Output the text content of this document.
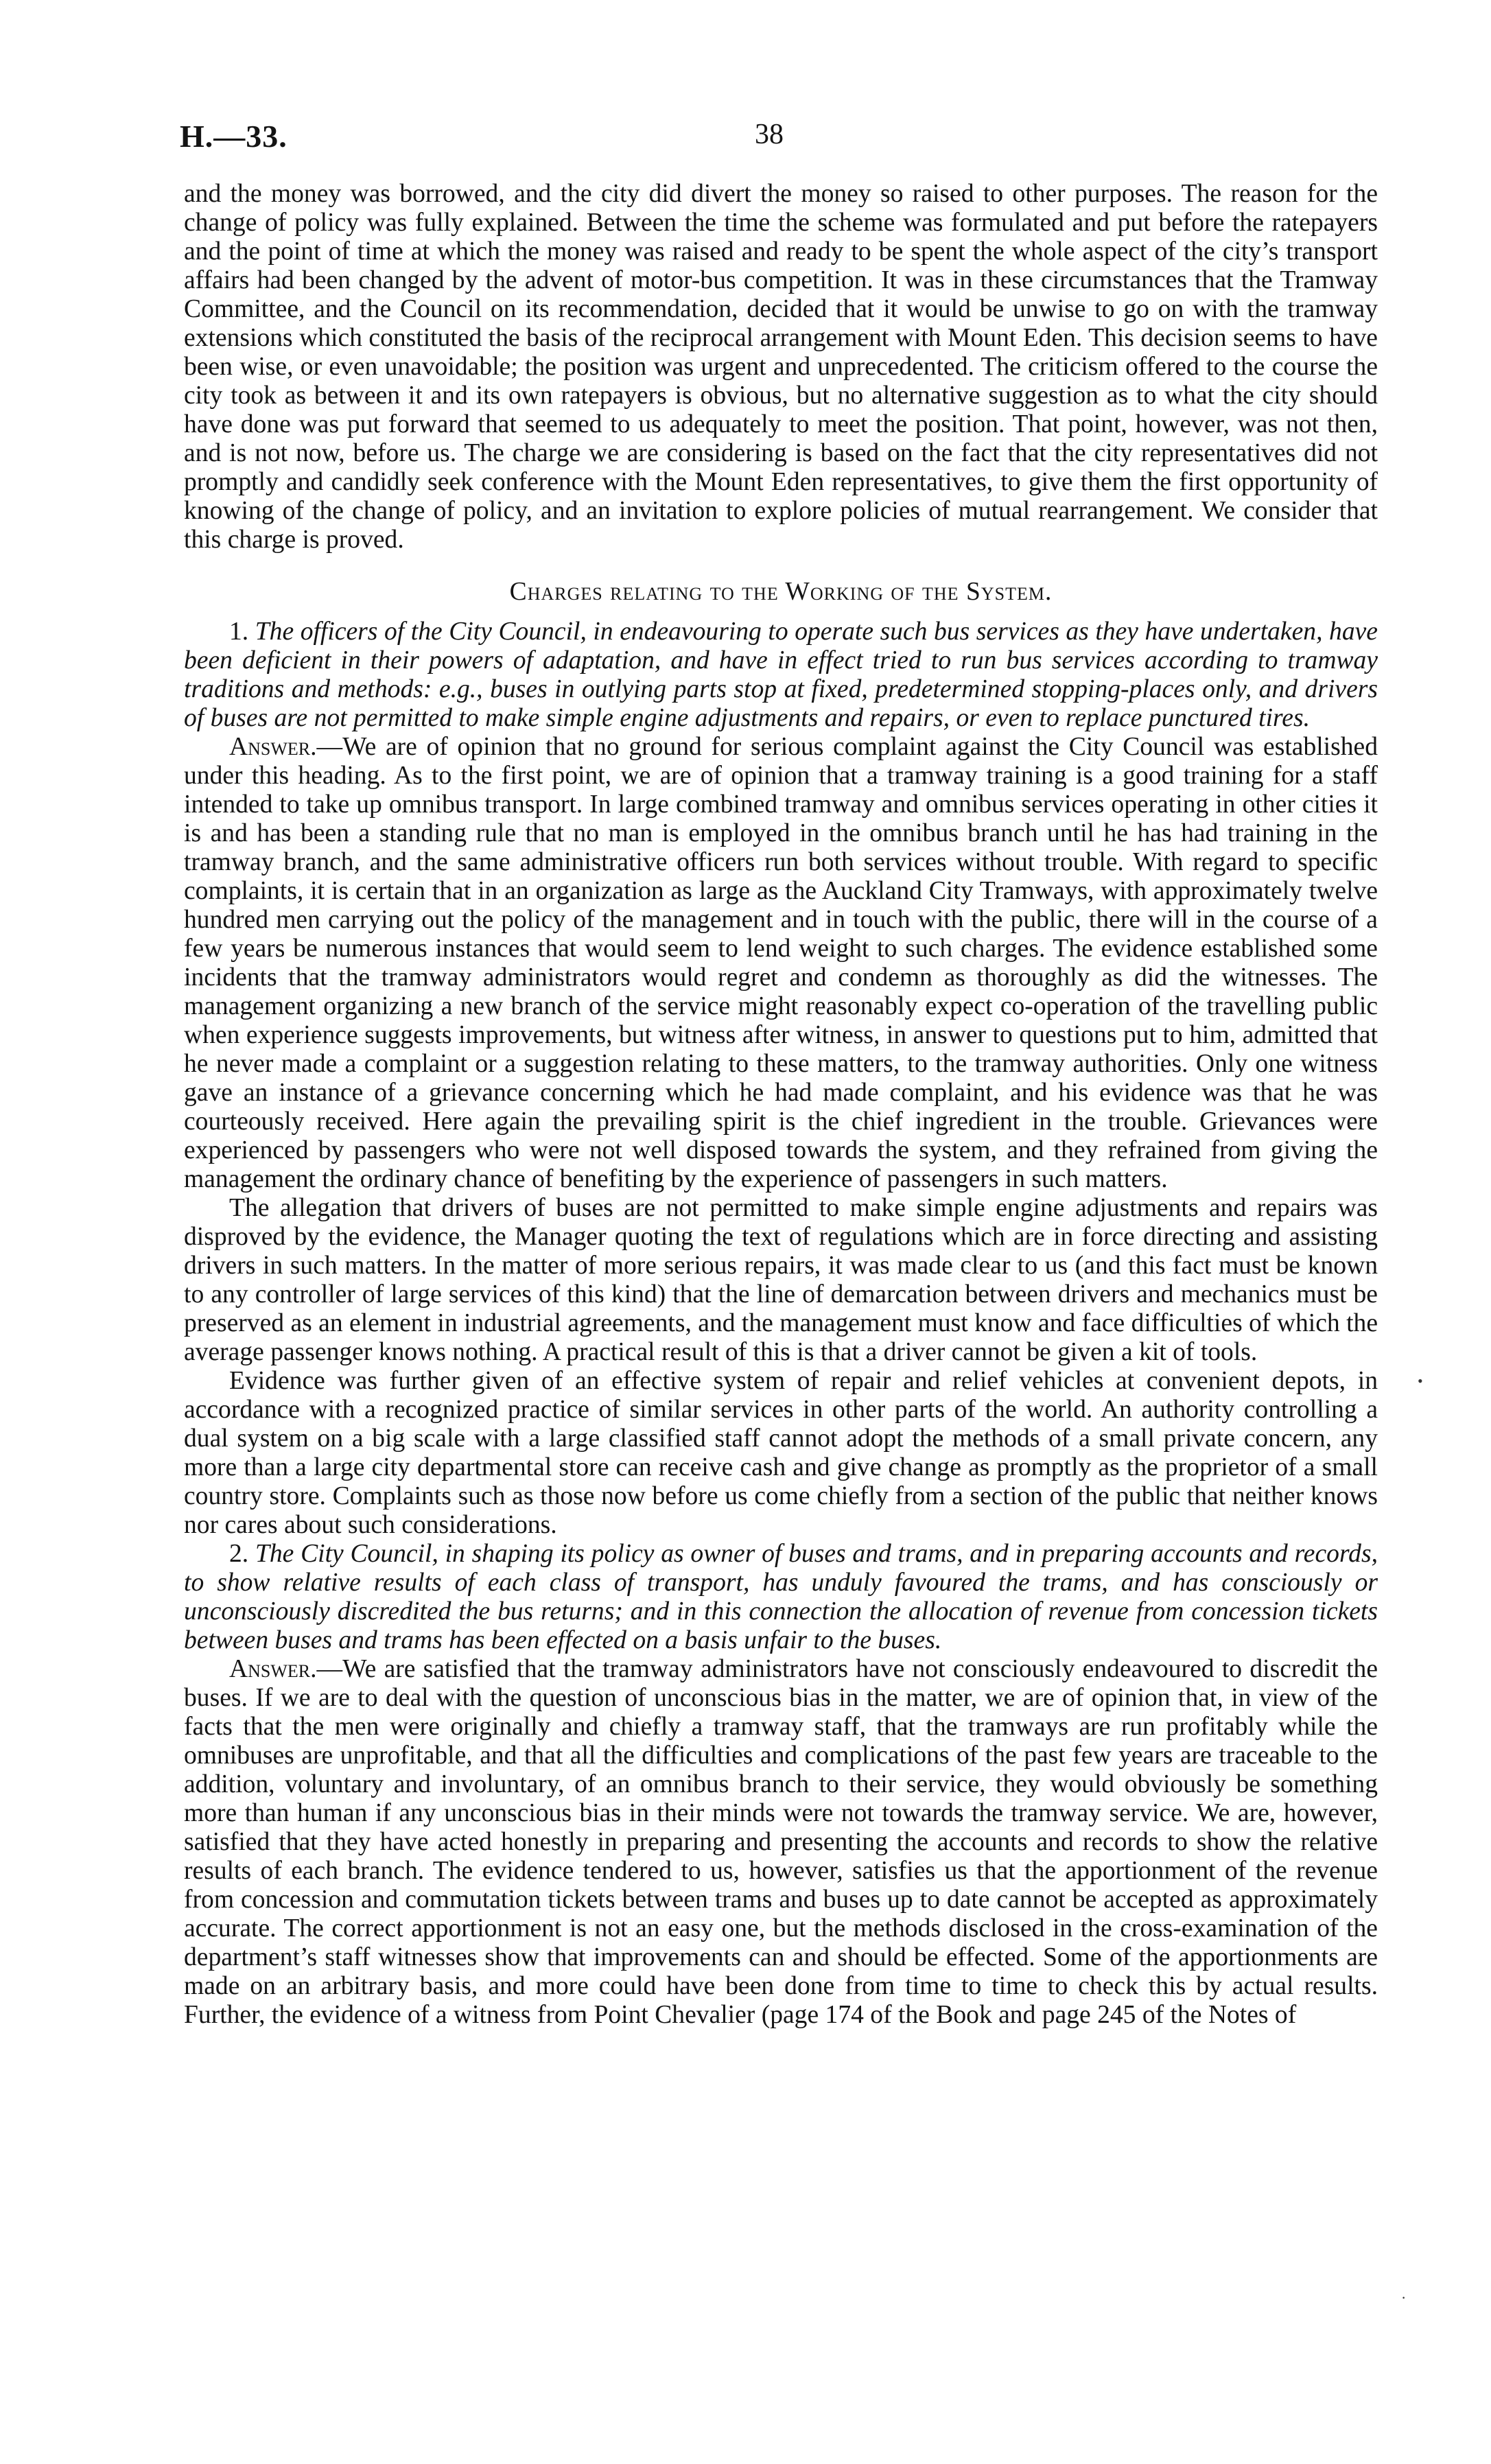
H.—33.	38

and the money was borrowed, and the city did divert the money so raised to other purposes. The reason for the change of policy was fully explained. Between the time the scheme was formulated and put before the ratepayers and the point of time at which the money was raised and ready to be spent the whole aspect of the city’s transport affairs had been changed by the advent of motor-bus competition. It was in these circumstances that the Tramway Committee, and the Council on its recommendation, decided that it would be unwise to go on with the tramway extensions which constituted the basis of the reciprocal arrangement with Mount Eden. This decision seems to have been wise, or even unavoidable; the position was urgent and unprecedented. The criticism offered to the course the city took as between it and its own ratepayers is obvious, but no alternative suggestion as to what the city should have done was put forward that seemed to us adequately to meet the position. That point, however, was not then, and is not now, before us. The charge we are considering is based on the fact that the city representatives did not promptly and candidly seek conference with the Mount Eden representatives, to give them the first opportunity of knowing of the change of policy, and an invitation to explore policies of mutual rearrangement. We consider that this charge is proved.

Charges relating to the Working of the System.

1. The officers of the City Council, in endeavouring to operate such bus services as they have undertaken, have been deficient in their powers of adaptation, and have in effect tried to run bus services according to tramway traditions and methods: e.g., buses in outlying parts stop at fixed, predetermined stopping-places only, and drivers of buses are not permitted to make simple engine adjustments and repairs, or even to replace punctured tires.

Answer.—We are of opinion that no ground for serious complaint against the City Council was established under this heading. As to the first point, we are of opinion that a tramway training is a good training for a staff intended to take up omnibus transport. In large combined tramway and omnibus services operating in other cities it is and has been a standing rule that no man is employed in the omnibus branch until he has had training in the tramway branch, and the same administrative officers run both services without trouble. With regard to specific complaints, it is certain that in an organization as large as the Auckland City Tramways, with approximately twelve hundred men carrying out the policy of the management and in touch with the public, there will in the course of a few years be numerous instances that would seem to lend weight to such charges. The evidence established some incidents that the tramway administrators would regret and condemn as thoroughly as did the witnesses. The management organizing a new branch of the service might reasonably expect co-operation of the travelling public when experience suggests improvements, but witness after witness, in answer to questions put to him, admitted that he never made a complaint or a suggestion relating to these matters, to the tramway authorities. Only one witness gave an instance of a grievance concerning which he had made complaint, and his evidence was that he was courteously received. Here again the prevailing spirit is the chief ingredient in the trouble. Grievances were experienced by passengers who were not well disposed towards the system, and they refrained from giving the management the ordinary chance of benefiting by the experience of passengers in such matters.

The allegation that drivers of buses are not permitted to make simple engine adjustments and repairs was disproved by the evidence, the Manager quoting the text of regulations which are in force directing and assisting drivers in such matters. In the matter of more serious repairs, it was made clear to us (and this fact must be known to any controller of large services of this kind) that the line of demarcation between drivers and mechanics must be preserved as an element in industrial agreements, and the management must know and face difficulties of which the average passenger knows nothing. A practical result of this is that a driver cannot be given a kit of tools.

Evidence was further given of an effective system of repair and relief vehicles at convenient depots, in accordance with a recognized practice of similar services in other parts of the world. An authority controlling a dual system on a big scale with a large classified staff cannot adopt the methods of a small private concern, any more than a large city departmental store can receive cash and give change as promptly as the proprietor of a small country store. Complaints such as those now before us come chiefly from a section of the public that neither knows nor cares about such considerations.

2. The City Council, in shaping its policy as owner of buses and trams, and in preparing accounts and records, to show relative results of each class of transport, has unduly favoured the trams, and has consciously or unconsciously discredited the bus returns; and in this connection the allocation of revenue from concession tickets between buses and trams has been effected on a basis unfair to the buses.

Answer.—We are satisfied that the tramway administrators have not consciously endeavoured to discredit the buses. If we are to deal with the question of unconscious bias in the matter, we are of opinion that, in view of the facts that the men were originally and chiefly a tramway staff, that the tramways are run profitably while the omnibuses are unprofitable, and that all the difficulties and complications of the past few years are traceable to the addition, voluntary and involuntary, of an omnibus branch to their service, they would obviously be something more than human if any unconscious bias in their minds were not towards the tramway service. We are, however, satisfied that they have acted honestly in preparing and presenting the accounts and records to show the relative results of each branch. The evidence tendered to us, however, satisfies us that the apportionment of the revenue from concession and commutation tickets between trams and buses up to date cannot be accepted as approximately accurate. The correct apportionment is not an easy one, but the methods disclosed in the cross-examination of the department’s staff witnesses show that improvements can and should be effected. Some of the apportionments are made on an arbitrary basis, and more could have been done from time to time to check this by actual results. Further, the evidence of a witness from Point Chevalier (page 174 of the Book and page 245 of the Notes of

•
·
